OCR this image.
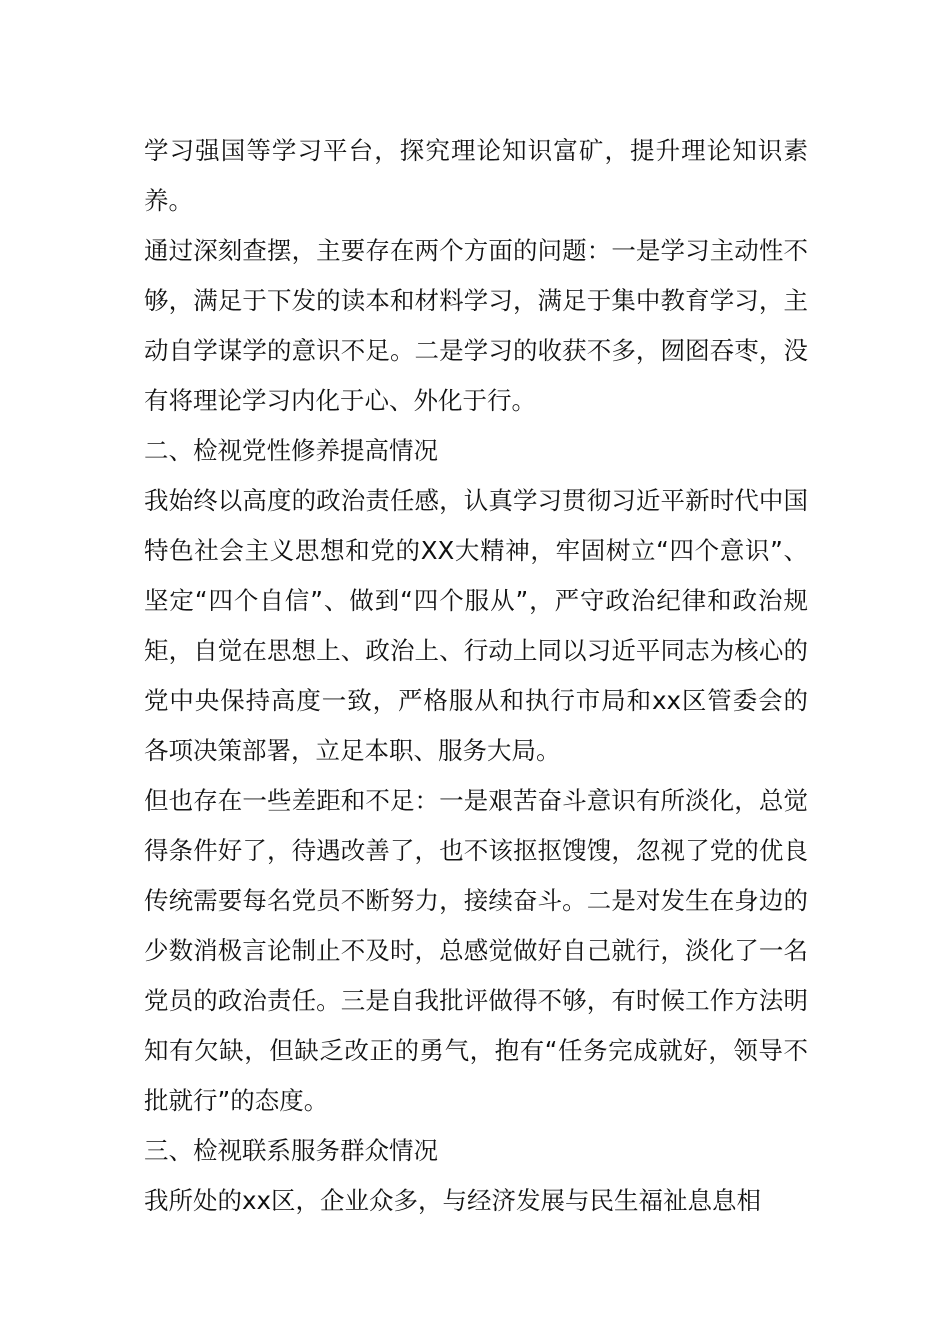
学习强国等学习平台，探究理论知识富矿，提升理论知识素养。

通过深刻查摆，主要存在两个方面的问题：一是学习主动性不够，满足于下发的读本和材料学习，满足于集中教育学习，主动自学谋学的意识不足。二是学习的收获不多，囫囵吞枣，没有将理论学习内化于心、外化于行。

二、检视党性修养提高情况

我始终以高度的政治责任感，认真学习贯彻习近平新时代中国特色社会主义思想和党的XX大精神，牢固树立“四个意识”、坚定“四个自信”、做到“四个服从”，严守政治纪律和政治规矩，自觉在思想上、政治上、行动上同以习近平同志为核心的党中央保持高度一致，严格服从和执行市局和xx区管委会的各项决策部署，立足本职、服务大局。

但也存在一些差距和不足：一是艰苦奋斗意识有所淡化，总觉得条件好了，待遇改善了，也不该抠抠馊馊，忽视了党的优良传统需要每名党员不断努力，接续奋斗。二是对发生在身边的少数消极言论制止不及时，总感觉做好自己就行，淡化了一名党员的政治责任。三是自我批评做得不够，有时候工作方法明知有欠缺，但缺乏改正的勇气，抱有“任务完成就好，领导不批就行”的态度。

三、检视联系服务群众情况

我所处的xx区，企业众多，与经济发展与民生福祉息息相
